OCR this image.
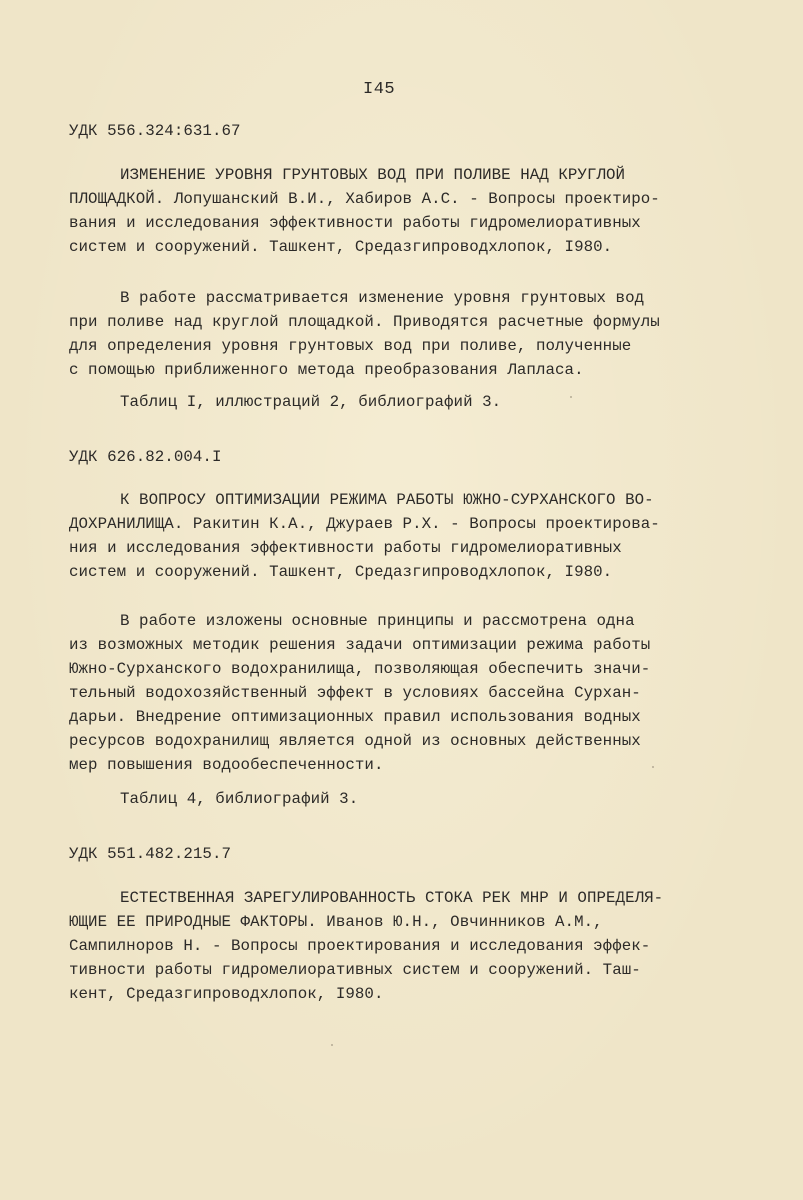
I45
УДК 556.324:631.67
ИЗМЕНЕНИЕ УРОВНЯ ГРУНТОВЫХ ВОД ПРИ ПОЛИВЕ НАД КРУГЛОЙ
ПЛОЩАДКОЙ. Лопушанский В.И., Хабиров А.С. - Вопросы проектиро-
вания и исследования эффективности работы гидромелиоративных
систем и сооружений. Ташкент, Средазгипроводхлопок, I980.
В работе рассматривается изменение уровня грунтовых вод
при поливе над круглой площадкой. Приводятся расчетные формулы
для определения уровня грунтовых вод при поливе, полученные
с помощью приближенного метода преобразования Лапласа.
Таблиц I, иллюстраций 2, библиографий 3.
УДК 626.82.004.I
К ВОПРОСУ ОПТИМИЗАЦИИ РЕЖИМА РАБОТЫ ЮЖНО-СУРХАНСКОГО ВО-
ДОХРАНИЛИЩА. Ракитин К.А., Джураев Р.Х. - Вопросы проектирова-
ния и исследования эффективности работы гидромелиоративных
систем и сооружений. Ташкент, Средазгипроводхлопок, I980.
В работе изложены основные принципы и рассмотрена одна
из возможных методик решения задачи оптимизации режима работы
Южно-Сурханского водохранилища, позволяющая обеспечить значи-
тельный водохозяйственный эффект в условиях бассейна Сурхан-
дарьи. Внедрение оптимизационных правил использования водных
ресурсов водохранилищ является одной из основных действенных
мер повышения водообеспеченности.
Таблиц 4, библиографий 3.
УДК 551.482.215.7
ЕСТЕСТВЕННАЯ ЗАРЕГУЛИРОВАННОСТЬ СТОКА РЕК МНР И ОПРЕДЕЛЯ-
ЮЩИЕ ЕЕ ПРИРОДНЫЕ ФАКТОРЫ. Иванов Ю.Н., Овчинников А.М.,
Сампилноров Н. - Вопросы проектирования и исследования эффек-
тивности работы гидромелиоративных систем и сооружений. Таш-
кент, Средазгипроводхлопок, I980.
